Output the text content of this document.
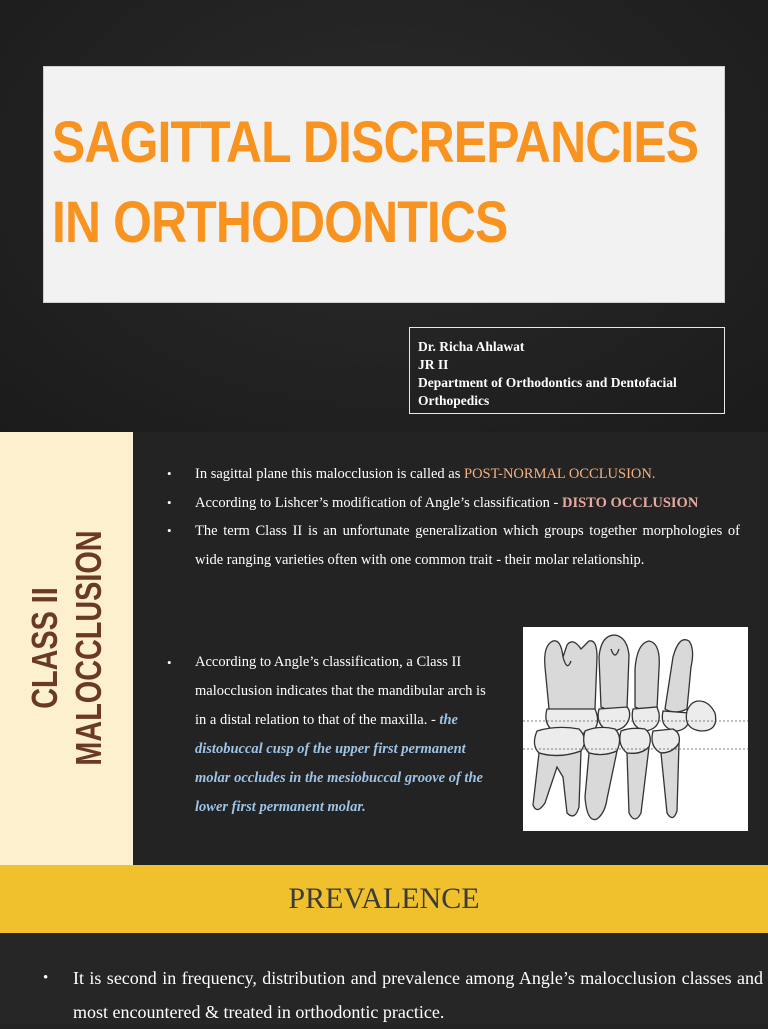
SAGITTAL DISCREPANCIES
IN ORTHODONTICS
Dr. Richa Ahlawat
JR II
Department of Orthodontics and Dentofacial
Orthopedics
CLASS II MALOCCLUSION
• In sagittal plane this malocclusion is called as POST-NORMAL OCCLUSION.
• According to Lishcer’s modification of Angle’s classification - DISTO OCCLUSION
• The term Class II is an unfortunate generalization which groups together morphologies of wide ranging varieties often with one common trait - their molar relationship.
• According to Angle’s classification, a Class II malocclusion indicates that the mandibular arch is in a distal relation to that of the maxilla. - the distobuccal cusp of the upper first permanent molar occludes in the mesiobuccal groove of the lower first permanent molar.
PREVALENCE
• It is second in frequency, distribution and prevalence among Angle’s malocclusion classes and most encountered & treated in orthodontic practice.
